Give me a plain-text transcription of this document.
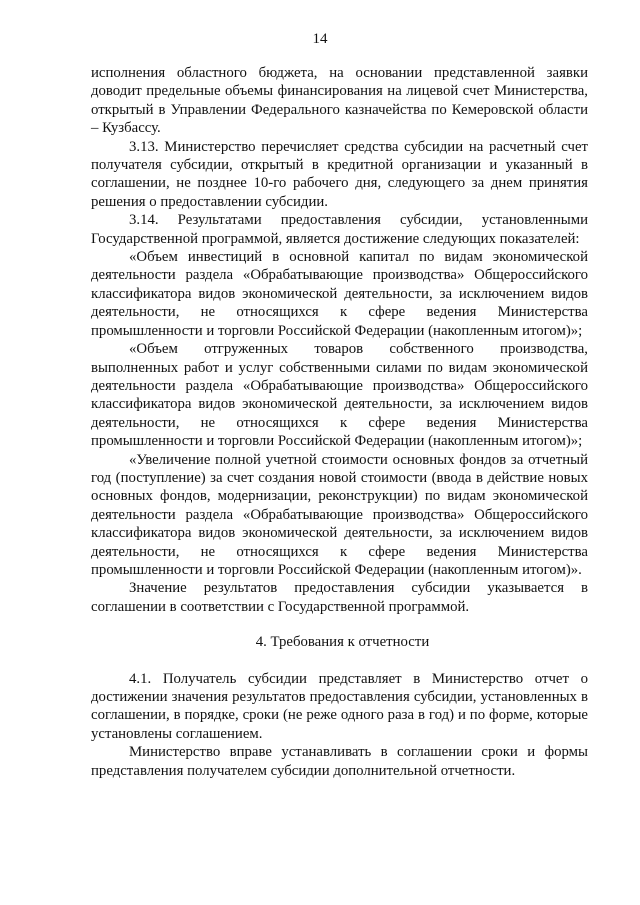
14

исполнения областного бюджета, на основании представленной заявки доводит предельные объемы финансирования на лицевой счет Министерства, открытый в Управлении Федерального казначейства по Кемеровской области – Кузбассу.

3.13. Министерство перечисляет средства субсидии на расчетный счет получателя субсидии, открытый в кредитной организации и указанный в соглашении, не позднее 10-го рабочего дня, следующего за днем принятия решения о предоставлении субсидии.

3.14. Результатами предоставления субсидии, установленными Государственной программой, является достижение следующих показателей:

«Объем инвестиций в основной капитал по видам экономической деятельности раздела «Обрабатывающие производства» Общероссийского классификатора видов экономической деятельности, за исключением видов деятельности, не относящихся к сфере ведения Министерства промышленности и торговли Российской Федерации (накопленным итогом)»;

«Объем отгруженных товаров собственного производства, выполненных работ и услуг собственными силами по видам экономической деятельности раздела «Обрабатывающие производства» Общероссийского классификатора видов экономической деятельности, за исключением видов деятельности, не относящихся к сфере ведения Министерства промышленности и торговли Российской Федерации (накопленным итогом)»;

«Увеличение полной учетной стоимости основных фондов за отчетный год (поступление) за счет создания новой стоимости (ввода в действие новых основных фондов, модернизации, реконструкции) по видам экономической деятельности раздела «Обрабатывающие производства» Общероссийского классификатора видов экономической деятельности, за исключением видов деятельности, не относящихся к сфере ведения Министерства промышленности и торговли Российской Федерации (накопленным итогом)».

Значение результатов предоставления субсидии указывается в соглашении в соответствии с Государственной программой.

4. Требования к отчетности

4.1. Получатель субсидии представляет в Министерство отчет о достижении значения результатов предоставления субсидии, установленных в соглашении, в порядке, сроки (не реже одного раза в год) и по форме, которые установлены соглашением.

Министерство вправе устанавливать в соглашении сроки и формы представления получателем субсидии дополнительной отчетности.
